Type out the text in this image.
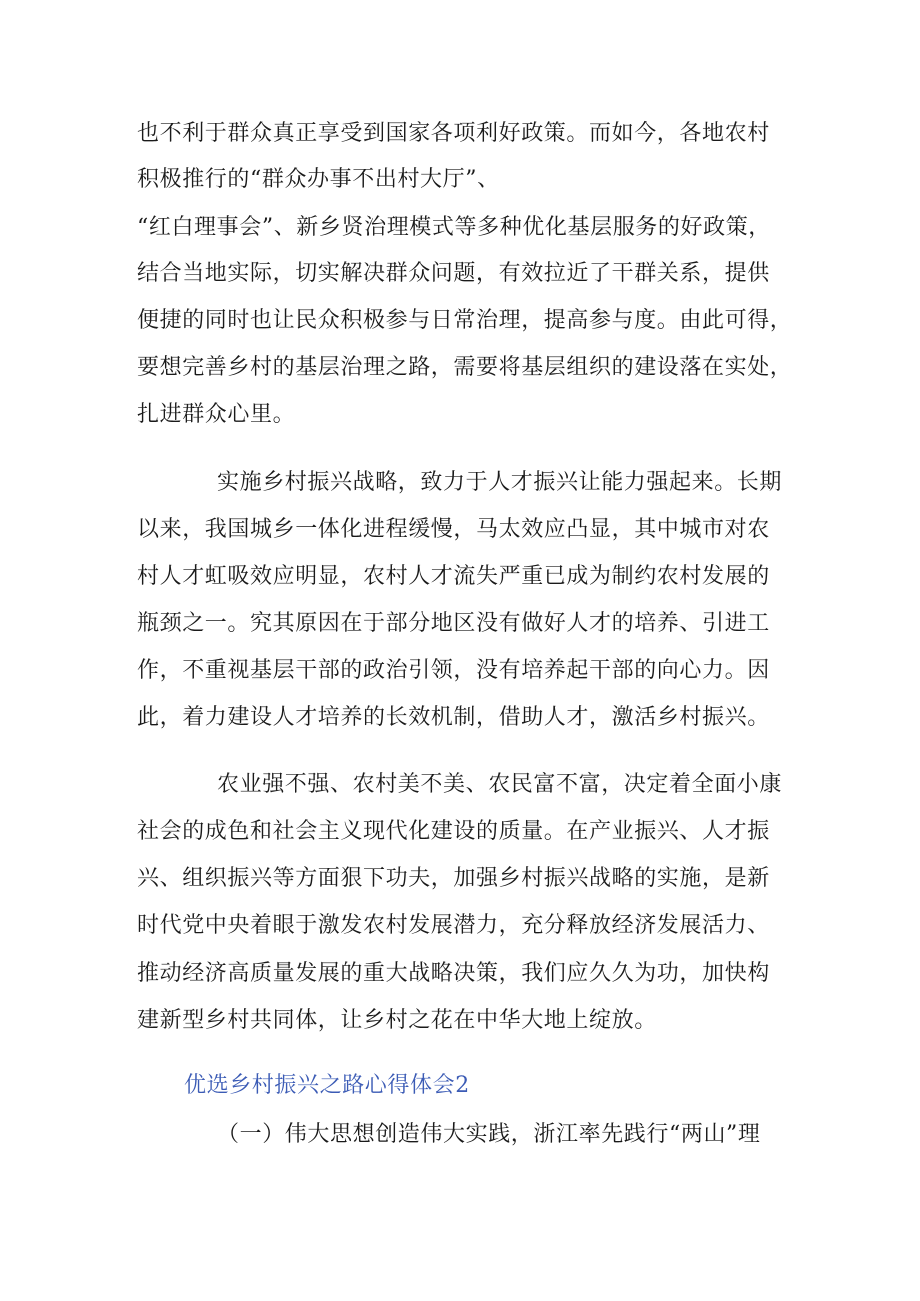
也不利于群众真正享受到国家各项利好政策。而如今，各地农村
积极推行的“群众办事不出村大厅”、
“红白理事会”、新乡贤治理模式等多种优化基层服务的好政策，
结合当地实际，切实解决群众问题，有效拉近了干群关系，提供
便捷的同时也让民众积极参与日常治理，提高参与度。由此可得，
要想完善乡村的基层治理之路，需要将基层组织的建设落在实处，
扎进群众心里。
实施乡村振兴战略，致力于人才振兴让能力强起来。长期
以来，我国城乡一体化进程缓慢，马太效应凸显，其中城市对农
村人才虹吸效应明显，农村人才流失严重已成为制约农村发展的
瓶颈之一。究其原因在于部分地区没有做好人才的培养、引进工
作，不重视基层干部的政治引领，没有培养起干部的向心力。因
此，着力建设人才培养的长效机制，借助人才，激活乡村振兴。
农业强不强、农村美不美、农民富不富，决定着全面小康
社会的成色和社会主义现代化建设的质量。在产业振兴、人才振
兴、组织振兴等方面狠下功夫，加强乡村振兴战略的实施，是新
时代党中央着眼于激发农村发展潜力，充分释放经济发展活力、
推动经济高质量发展的重大战略决策，我们应久久为功，加快构
建新型乡村共同体，让乡村之花在中华大地上绽放。
优选乡村振兴之路心得体会2
（一）伟大思想创造伟大实践，浙江率先践行“两山”理
